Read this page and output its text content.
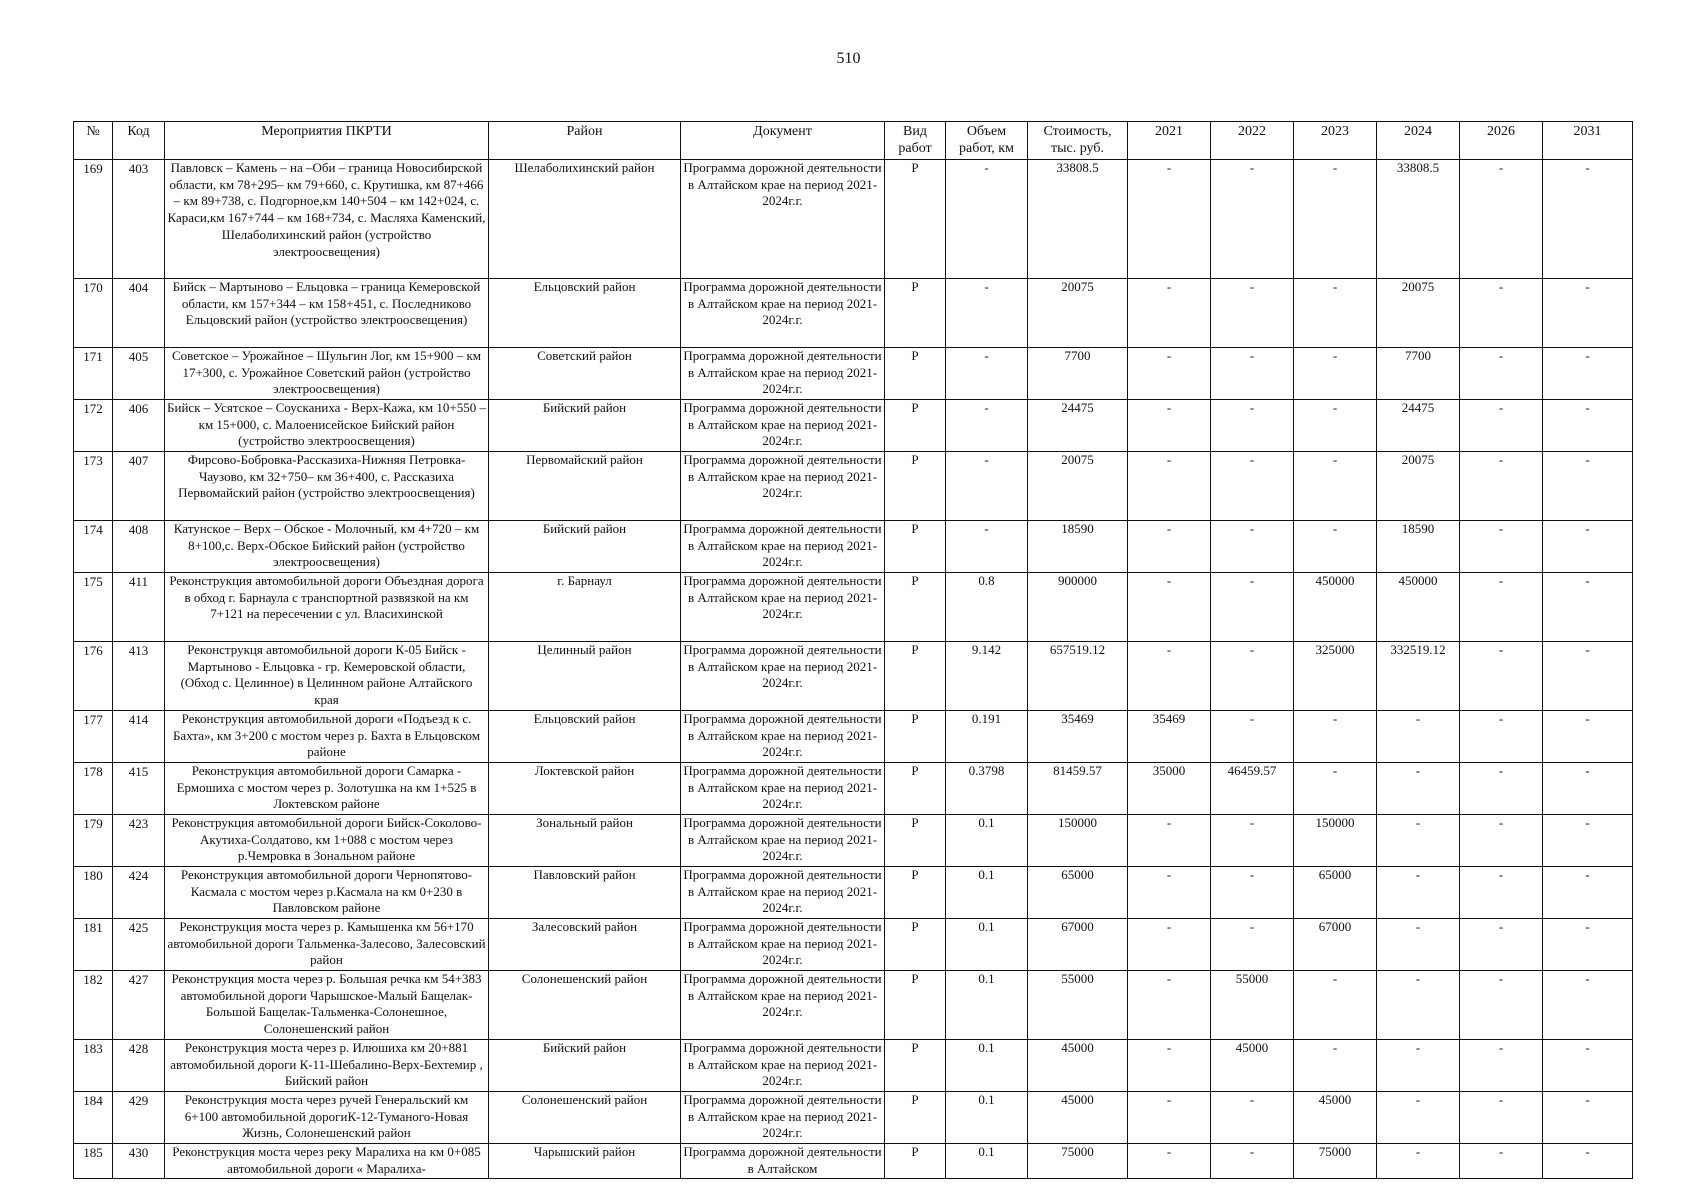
510
№	Код	Мероприятия ПКРТИ	Район	Документ	Вид работ	Объем работ, км	Стоимость, тыс. руб.	2021	2022	2023	2024	2026	2031
169	403	Павловск – Камень – на –Оби – граница Новосибирской области, км 78+295– км 79+660, с. Крутишка, км 87+466 – км 89+738, с. Подгорное,км 140+504 – км 142+024, с. Караси,км 167+744 – км 168+734, с. Масляха Каменский, Шелаболихинский район (устройство электроосвещения)	Шелаболихинский район	Программа дорожной деятельности в Алтайском крае на период 2021-2024г.г.	Р	-	33808.5	-	-	-	33808.5	-	-
170	404	Бийск – Мартыново – Ельцовка – граница Кемеровской области, км 157+344 – км 158+451, с. Последниково Ельцовский район (устройство электроосвещения)	Ельцовский район	Программа дорожной деятельности в Алтайском крае на период 2021-2024г.г.	Р	-	20075	-	-	-	20075	-	-
171	405	Советское – Урожайное – Шульгин Лог, км 15+900 – км 17+300, с. Урожайное Советский район (устройство электроосвещения)	Советский район	Программа дорожной деятельности в Алтайском крае на период 2021-2024г.г.	Р	-	7700	-	-	-	7700	-	-
172	406	Бийск – Усятское – Соусканиха - Верх-Кажа, км 10+550 – км 15+000, с. Малоенисейское Бийский район (устройство электроосвещения)	Бийский район	Программа дорожной деятельности в Алтайском крае на период 2021-2024г.г.	Р	-	24475	-	-	-	24475	-	-
173	407	Фирсово-Бобровка-Рассказиха-Нижняя Петровка-Чаузово, км 32+750– км 36+400, с. Рассказиха Первомайский район (устройство электроосвещения)	Первомайский район	Программа дорожной деятельности в Алтайском крае на период 2021-2024г.г.	Р	-	20075	-	-	-	20075	-	-
174	408	Катунское – Верх – Обское - Молочный, км 4+720 – км 8+100,с. Верх-Обское Бийский район (устройство электроосвещения)	Бийский район	Программа дорожной деятельности в Алтайском крае на период 2021-2024г.г.	Р	-	18590	-	-	-	18590	-	-
175	411	Реконструкция автомобильной дороги Объездная дорога в обход г. Барнаула с транспортной развязкой на км 7+121 на пересечении с ул. Власихинской	г. Барнаул	Программа дорожной деятельности в Алтайском крае на период 2021-2024г.г.	Р	0.8	900000	-	-	450000	450000	-	-
176	413	Реконструкця автомобильной дороги К-05 Бийск - Мартыново - Ельцовка - гр. Кемеровской области, (Обход с. Целинное) в Целинном районе Алтайского края	Целинный район	Программа дорожной деятельности в Алтайском крае на период 2021-2024г.г.	Р	9.142	657519.12	-	-	325000	332519.12	-	-
177	414	Реконструкция автомобильной дороги «Подъезд к с. Бахта», км 3+200 с мостом через р. Бахта в Ельцовском районе	Ельцовский район	Программа дорожной деятельности в Алтайском крае на период 2021-2024г.г.	Р	0.191	35469	35469	-	-	-	-	-
178	415	Реконструкция автомобильной дороги Самарка - Ермошиха с мостом через р. Золотушка на км 1+525 в Локтевском районе	Локтевской район	Программа дорожной деятельности в Алтайском крае на период 2021-2024г.г.	Р	0.3798	81459.57	35000	46459.57	-	-	-	-
179	423	Реконструкция автомобильной дороги Бийск-Соколово-Акутиха-Солдатово, км 1+088 с мостом через р.Чемровка в Зональном районе	Зональный район	Программа дорожной деятельности в Алтайском крае на период 2021-2024г.г.	Р	0.1	150000	-	-	150000	-	-	-
180	424	Реконструкция автомобильной дороги Чернопятово-Касмала с мостом через р.Касмала на км 0+230 в Павловском районе	Павловский район	Программа дорожной деятельности в Алтайском крае на период 2021-2024г.г.	Р	0.1	65000	-	-	65000	-	-	-
181	425	Реконструкция моста через р. Камышенка км 56+170 автомобильной дороги Тальменка-Залесово, Залесовский район	Залесовский район	Программа дорожной деятельности в Алтайском крае на период 2021-2024г.г.	Р	0.1	67000	-	-	67000	-	-	-
182	427	Реконструкция моста через р. Большая речка км 54+383 автомобильной дороги Чарышское-Малый Бащелак-Большой Бащелак-Тальменка-Солонешное, Солонешенский район	Солонешенский район	Программа дорожной деятельности в Алтайском крае на период 2021-2024г.г.	Р	0.1	55000	-	55000	-	-	-	-
183	428	Реконструкция моста через р. Илюшиха км 20+881 автомобильной дороги К-11-Шебалино-Верх-Бехтемир , Бийский район	Бийский район	Программа дорожной деятельности в Алтайском крае на период 2021-2024г.г.	Р	0.1	45000	-	45000	-	-	-	-
184	429	Реконструкция моста через ручей Генеральский км 6+100 автомобильной дорогиК-12-Туманого-Новая Жизнь, Солонешенский район	Солонешенский район	Программа дорожной деятельности в Алтайском крае на период 2021-2024г.г.	Р	0.1	45000	-	-	45000	-	-	-
185	430	Реконструкция моста через реку Маралиха на км 0+085 автомобильной дороги « Маралиха-	Чарышский район	Программа дорожной деятельности в Алтайском	Р	0.1	75000	-	-	75000	-	-	-
